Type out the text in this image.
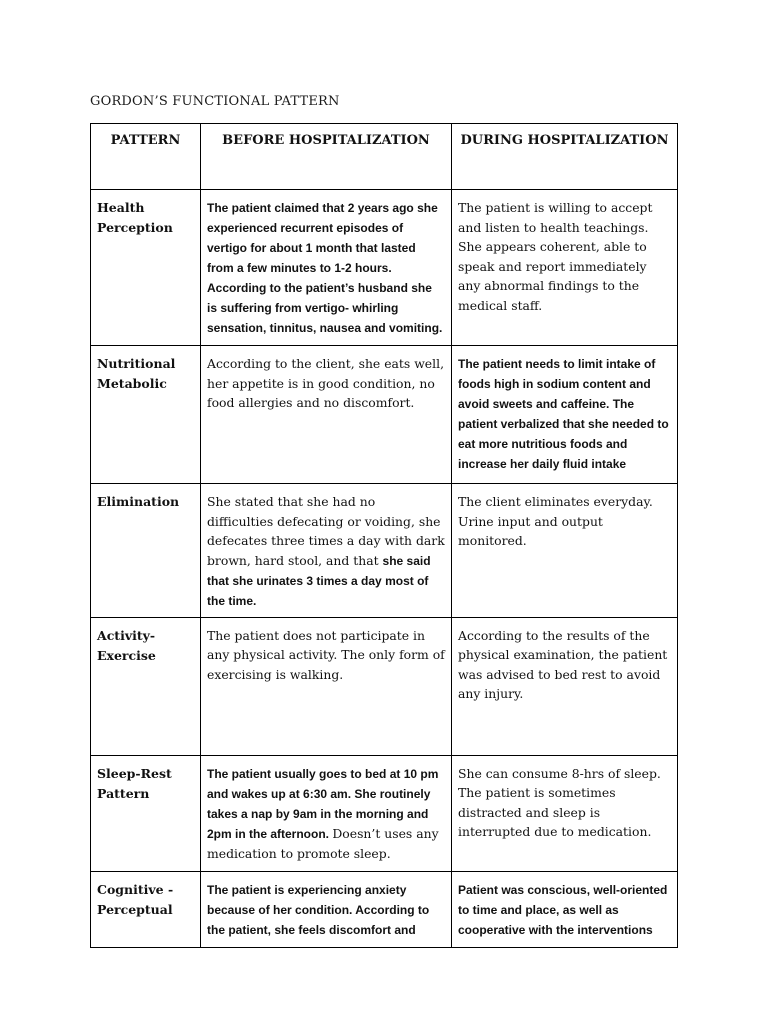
GORDON’S FUNCTIONAL PATTERN
PATTERN	BEFORE HOSPITALIZATION	DURING HOSPITALIZATION
Health Perception	The patient claimed that 2 years ago she experienced recurrent episodes of vertigo for about 1 month that lasted from a few minutes to 1-2 hours. According to the patient’s husband she is suffering from vertigo- whirling sensation, tinnitus, nausea and vomiting.	The patient is willing to accept and listen to health teachings. She appears coherent, able to speak and report immediately any abnormal findings to the medical staff.
Nutritional Metabolic	According to the client, she eats well, her appetite is in good condition, no food allergies and no discomfort.	The patient needs to limit intake of foods high in sodium content and avoid sweets and caffeine. The patient verbalized that she needed to eat more nutritious foods and increase her daily fluid intake
Elimination	She stated that she had no difficulties defecating or voiding, she defecates three times a day with dark brown, hard stool, and that she said that she urinates 3 times a day most of the time.	The client eliminates everyday. Urine input and output monitored.
Activity-Exercise	The patient does not participate in any physical activity. The only form of exercising is walking.	According to the results of the physical examination, the patient was advised to bed rest to avoid any injury.
Sleep-Rest Pattern	The patient usually goes to bed at 10 pm and wakes up at 6:30 am. She routinely takes a nap by 9am in the morning and 2pm in the afternoon. Doesn’t uses any medication to promote sleep.	She can consume 8-hrs of sleep. The patient is sometimes distracted and sleep is interrupted due to medication.
Cognitive - Perceptual	The patient is experiencing anxiety because of her condition. According to the patient, she feels discomfort and	Patient was conscious, well-oriented to time and place, as well as cooperative with the interventions
